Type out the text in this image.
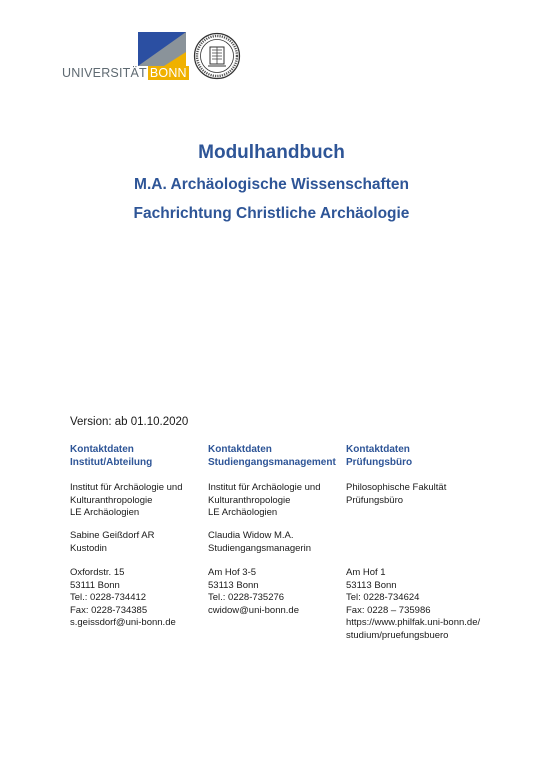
UNIVERSITÄT BONN
Modulhandbuch
M.A. Archäologische Wissenschaften
Fachrichtung Christliche Archäologie
Version: ab 01.10.2020
Kontaktdaten
Institut/Abteilung
Institut für Archäologie und
Kulturanthropologie
LE Archäologien
Sabine Geißdorf AR
Kustodin
Oxfordstr. 15
53111 Bonn
Tel.: 0228-734412
Fax: 0228-734385
s.geissdorf@uni-bonn.de
Kontaktdaten
Studiengangsmanagement
Institut für Archäologie und
Kulturanthropologie
LE Archäologien
Claudia Widow M.A.
Studiengangsmanagerin
Am Hof 3-5
53113 Bonn
Tel.: 0228-735276
cwidow@uni-bonn.de
Kontaktdaten
Prüfungsbüro
Philosophische Fakultät
Prüfungsbüro
Am Hof 1
53113 Bonn
Tel: 0228-734624
Fax: 0228 – 735986
https://www.philfak.uni-bonn.de/
studium/pruefungsbuero
